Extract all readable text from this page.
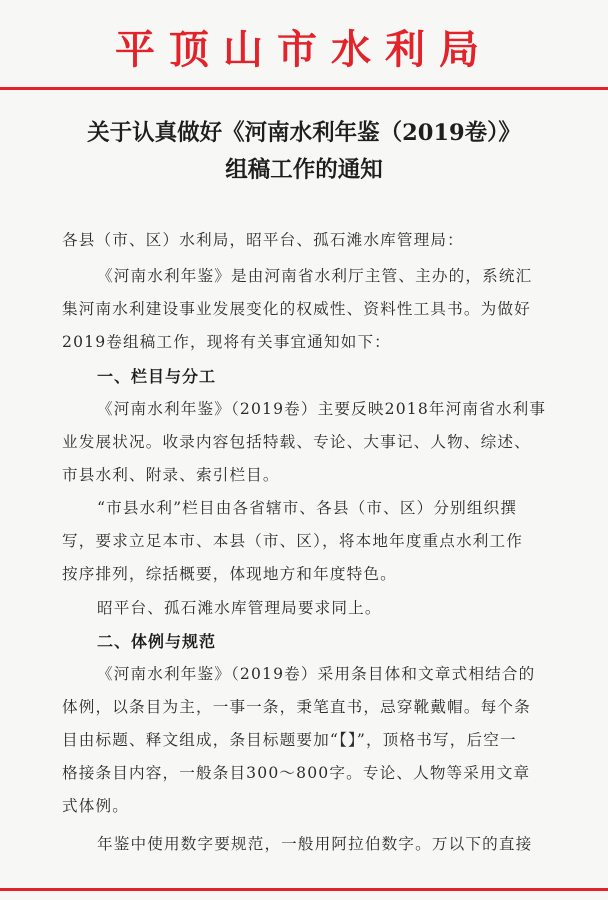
平顶山市水利局
关于认真做好《河南水利年鉴（2019卷）》
组稿工作的通知
各县（市、区）水利局，昭平台、孤石滩水库管理局：
《河南水利年鉴》是由河南省水利厅主管、主办的，系统汇
集河南水利建设事业发展变化的权威性、资料性工具书。为做好
2019卷组稿工作，现将有关事宜通知如下：
一、栏目与分工
《河南水利年鉴》（2019卷）主要反映2018年河南省水利事
业发展状况。收录内容包括特载、专论、大事记、人物、综述、
市县水利、附录、索引栏目。
“市县水利”栏目由各省辖市、各县（市、区）分别组织撰
写，要求立足本市、本县（市、区），将本地年度重点水利工作
按序排列，综括概要，体现地方和年度特色。
昭平台、孤石滩水库管理局要求同上。
二、体例与规范
《河南水利年鉴》（2019卷）采用条目体和文章式相结合的
体例，以条目为主，一事一条，秉笔直书，忌穿靴戴帽。每个条
目由标题、释文组成，条目标题要加“【】”，顶格书写，后空一
格接条目内容，一般条目300～800字。专论、人物等采用文章
式体例。
年鉴中使用数字要规范，一般用阿拉伯数字。万以下的直接
